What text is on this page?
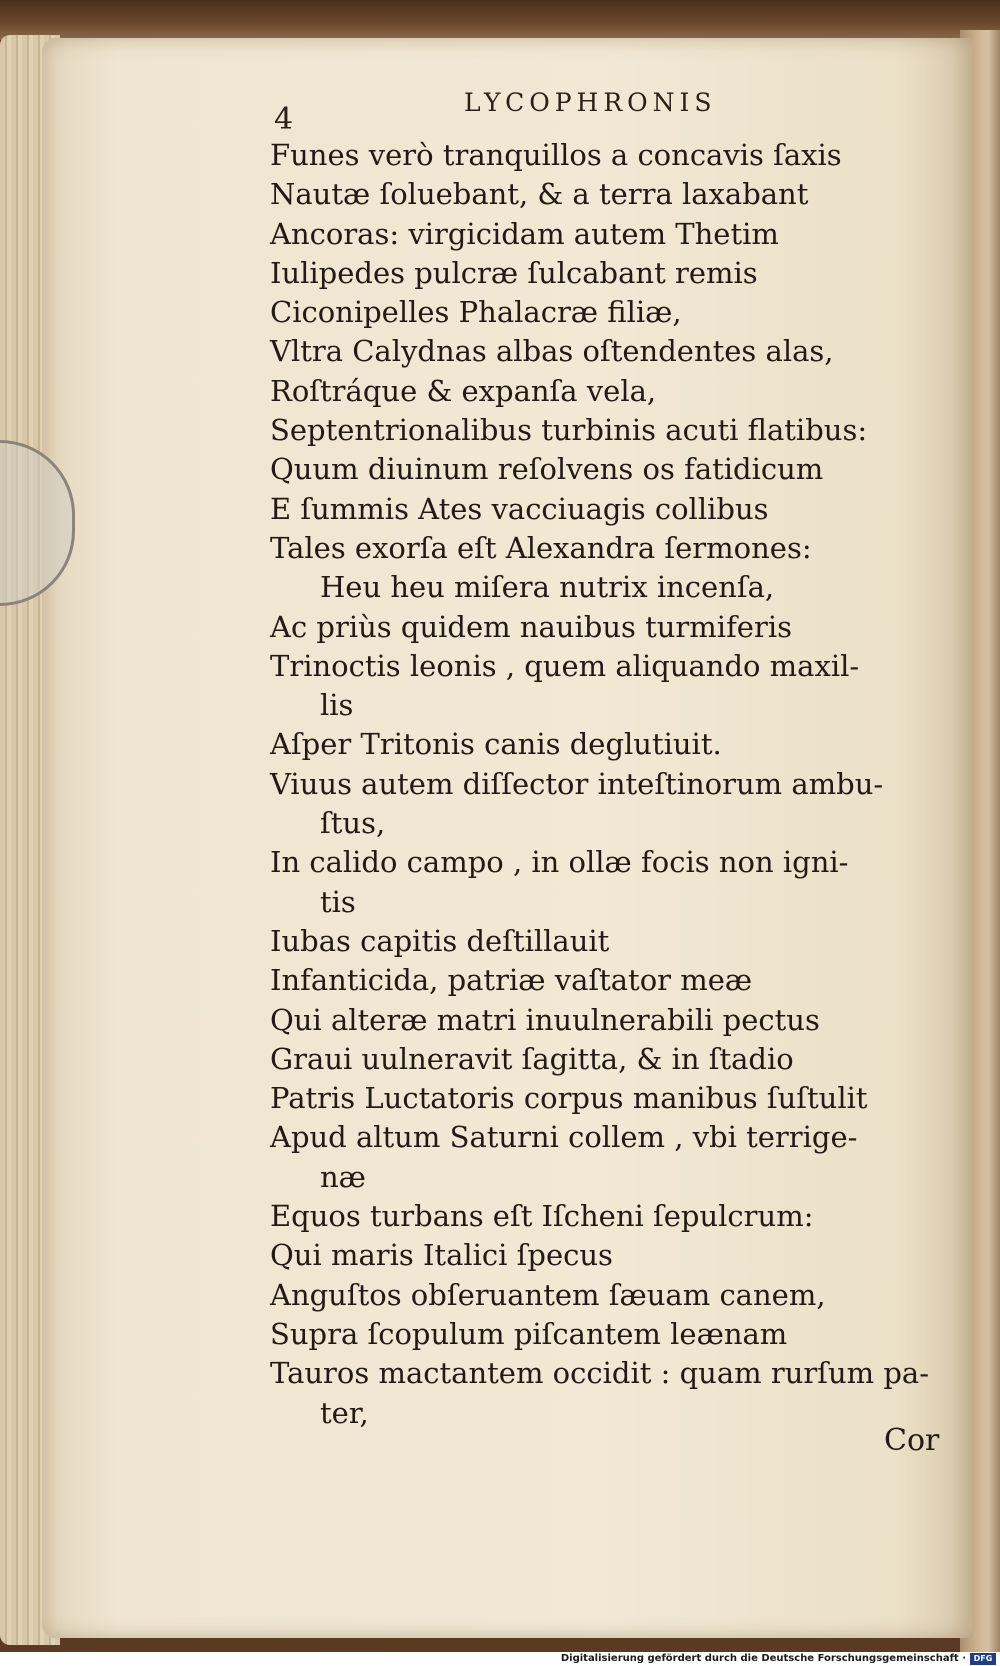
4	LYCOPHRONIS
Funes verò tranquillos a concavis ſaxis
Nautæ ſoluebant, & a terra laxabant
Ancoras: virgicidam autem Thetim
Iulipedes pulcræ ſulcabant remis
Ciconipelles Phalacræ filiæ,
Vltra Calydnas albas oſtendentes alas,
Roſtráque & expanſa vela,
Septentrionalibus turbinis acuti flatibus:
Quum diuinum reſolvens os fatidicum
E ſummis Ates vacciuagis collibus
Tales exorſa eſt Alexandra ſermones:
Heu heu miſera nutrix incenſa,
Ac priùs quidem nauibus turmiferis
Trinoctis leonis , quem aliquando maxil-
lis
Aſper Tritonis canis deglutiuit.
Viuus autem diſſector inteſtinorum ambu-
ſtus,
In calido campo , in ollæ focis non igni-
tis
Iubas capitis deſtillauit
Infanticida, patriæ vaſtator meæ
Qui alteræ matri inuulnerabili pectus
Graui uulneravit ſagitta, & in ſtadio
Patris Luctatoris corpus manibus ſuſtulit
Apud altum Saturni collem , vbi terrige-
næ
Equos turbans eſt Iſcheni ſepulcrum:
Qui maris Italici ſpecus
Anguſtos obſeruantem ſæuam canem,
Supra ſcopulum piſcantem leænam
Tauros mactantem occidit : quam rurſum pa-
ter,
Cor
Digitalisierung gefördert durch die Deutsche Forschungsgemeinschaft · DFG
